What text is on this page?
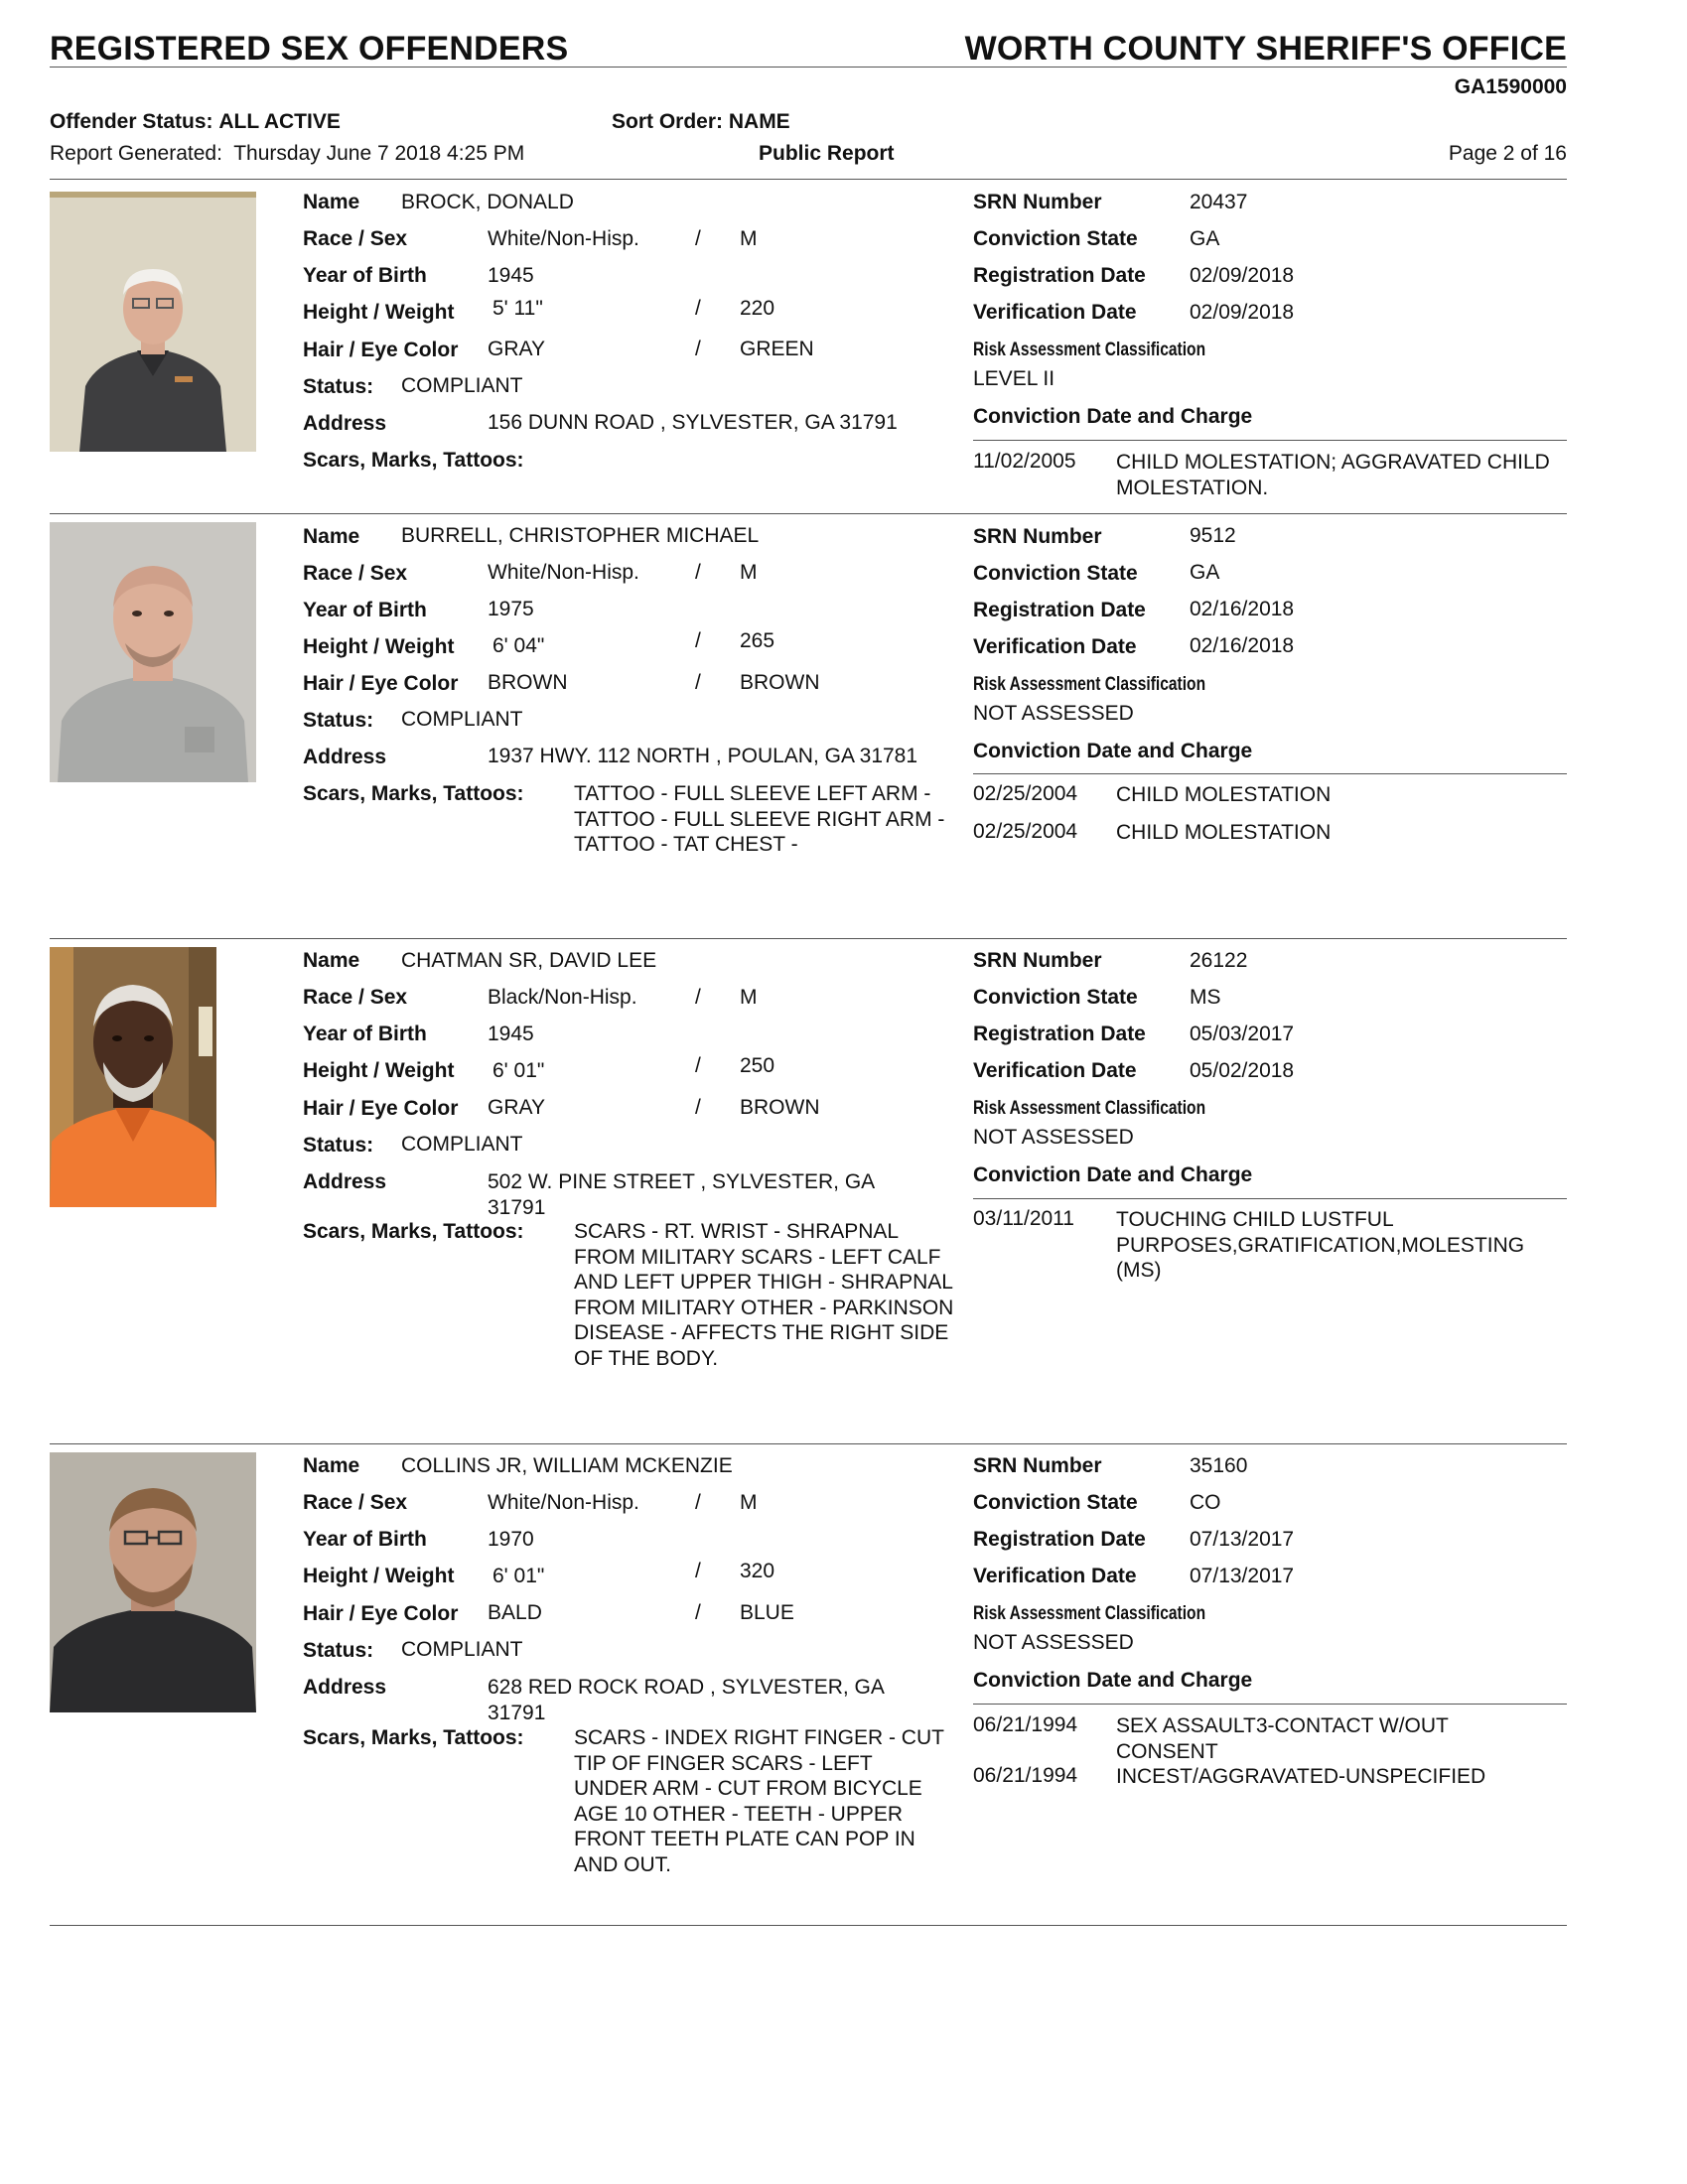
REGISTERED SEX OFFENDERS	WORTH COUNTY SHERIFF'S OFFICE
GA1590000
Offender Status: ALL ACTIVE	Sort Order: NAME
Report Generated: Thursday June 7 2018 4:25 PM	Public Report	Page 2 of 16
Name BROCK, DONALD
Race / Sex	White/Non-Hisp.	/ M
Year of Birth	1945
Height / Weight 5' 11"	/ 220
Hair / Eye Color GRAY	/ GREEN
Status: COMPLIANT
Address	156 DUNN ROAD , SYLVESTER, GA 31791
Scars, Marks, Tattoos:
SRN Number	20437
Conviction State GA
Registration Date 02/09/2018
Verification Date	02/09/2018
Risk Assessment Classification
LEVEL II
Conviction Date and Charge
11/02/2005 CHILD MOLESTATION; AGGRAVATED CHILD MOLESTATION.
Name BURRELL, CHRISTOPHER MICHAEL
Race / Sex	White/Non-Hisp.	/ M
Year of Birth	1975
Height / Weight 6' 04"	/ 265
Hair / Eye Color BROWN	/ BROWN
Status: COMPLIANT
Address	1937 HWY. 112 NORTH , POULAN, GA 31781
Scars, Marks, Tattoos: TATTOO - FULL SLEEVE LEFT ARM - TATTOO - FULL SLEEVE RIGHT ARM - TATTOO - TAT CHEST -
SRN Number	9512
Conviction State GA
Registration Date 02/16/2018
Verification Date	02/16/2018
Risk Assessment Classification
NOT ASSESSED
Conviction Date and Charge
02/25/2004 CHILD MOLESTATION
02/25/2004 CHILD MOLESTATION
Name CHATMAN SR, DAVID LEE
Race / Sex	Black/Non-Hisp.	/ M
Year of Birth	1945
Height / Weight 6' 01"	/ 250
Hair / Eye Color GRAY	/ BROWN
Status: COMPLIANT
Address	502 W. PINE STREET , SYLVESTER, GA 31791
Scars, Marks, Tattoos: SCARS - RT. WRIST - SHRAPNAL FROM MILITARY SCARS - LEFT CALF AND LEFT UPPER THIGH - SHRAPNAL FROM MILITARY OTHER - PARKINSON DISEASE - AFFECTS THE RIGHT SIDE OF THE BODY.
SRN Number	26122
Conviction State MS
Registration Date 05/03/2017
Verification Date	05/02/2018
Risk Assessment Classification
NOT ASSESSED
Conviction Date and Charge
03/11/2011 TOUCHING CHILD LUSTFUL PURPOSES,GRATIFICATION,MOLESTING (MS)
Name COLLINS JR, WILLIAM MCKENZIE
Race / Sex	White/Non-Hisp.	/ M
Year of Birth	1970
Height / Weight 6' 01"	/ 320
Hair / Eye Color BALD	/ BLUE
Status: COMPLIANT
Address	628 RED ROCK ROAD , SYLVESTER, GA 31791
Scars, Marks, Tattoos: SCARS - INDEX RIGHT FINGER - CUT TIP OF FINGER SCARS - LEFT UNDER ARM - CUT FROM BICYCLE AGE 10 OTHER - TEETH - UPPER FRONT TEETH PLATE CAN POP IN AND OUT.
SRN Number	35160
Conviction State CO
Registration Date 07/13/2017
Verification Date	07/13/2017
Risk Assessment Classification
NOT ASSESSED
Conviction Date and Charge
06/21/1994 SEX ASSAULT3-CONTACT W/OUT CONSENT
06/21/1994 INCEST/AGGRAVATED-UNSPECIFIED
